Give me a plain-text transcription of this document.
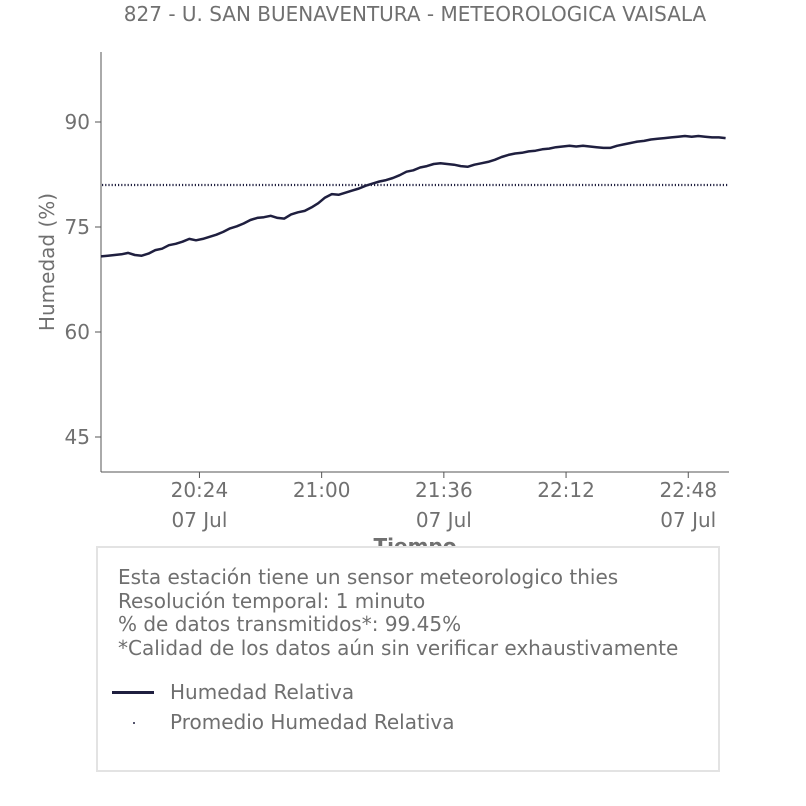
827 - U. SAN BUENAVENTURA - METEOROLOGICA VAISALA
45
60
75
90
20:24
07 Jul
21:00	21:36
07 Jul
22:12	22:48
07 Jul
Humedad (%)
Esta estación tiene un sensor meteorologico thies
Resolución temporal: 1 minuto
% de datos transmitidos*: 99.45%
*Calidad de los datos aún sin verificar exhaustivamente
Humedad Relativa
Promedio Humedad Relativa
